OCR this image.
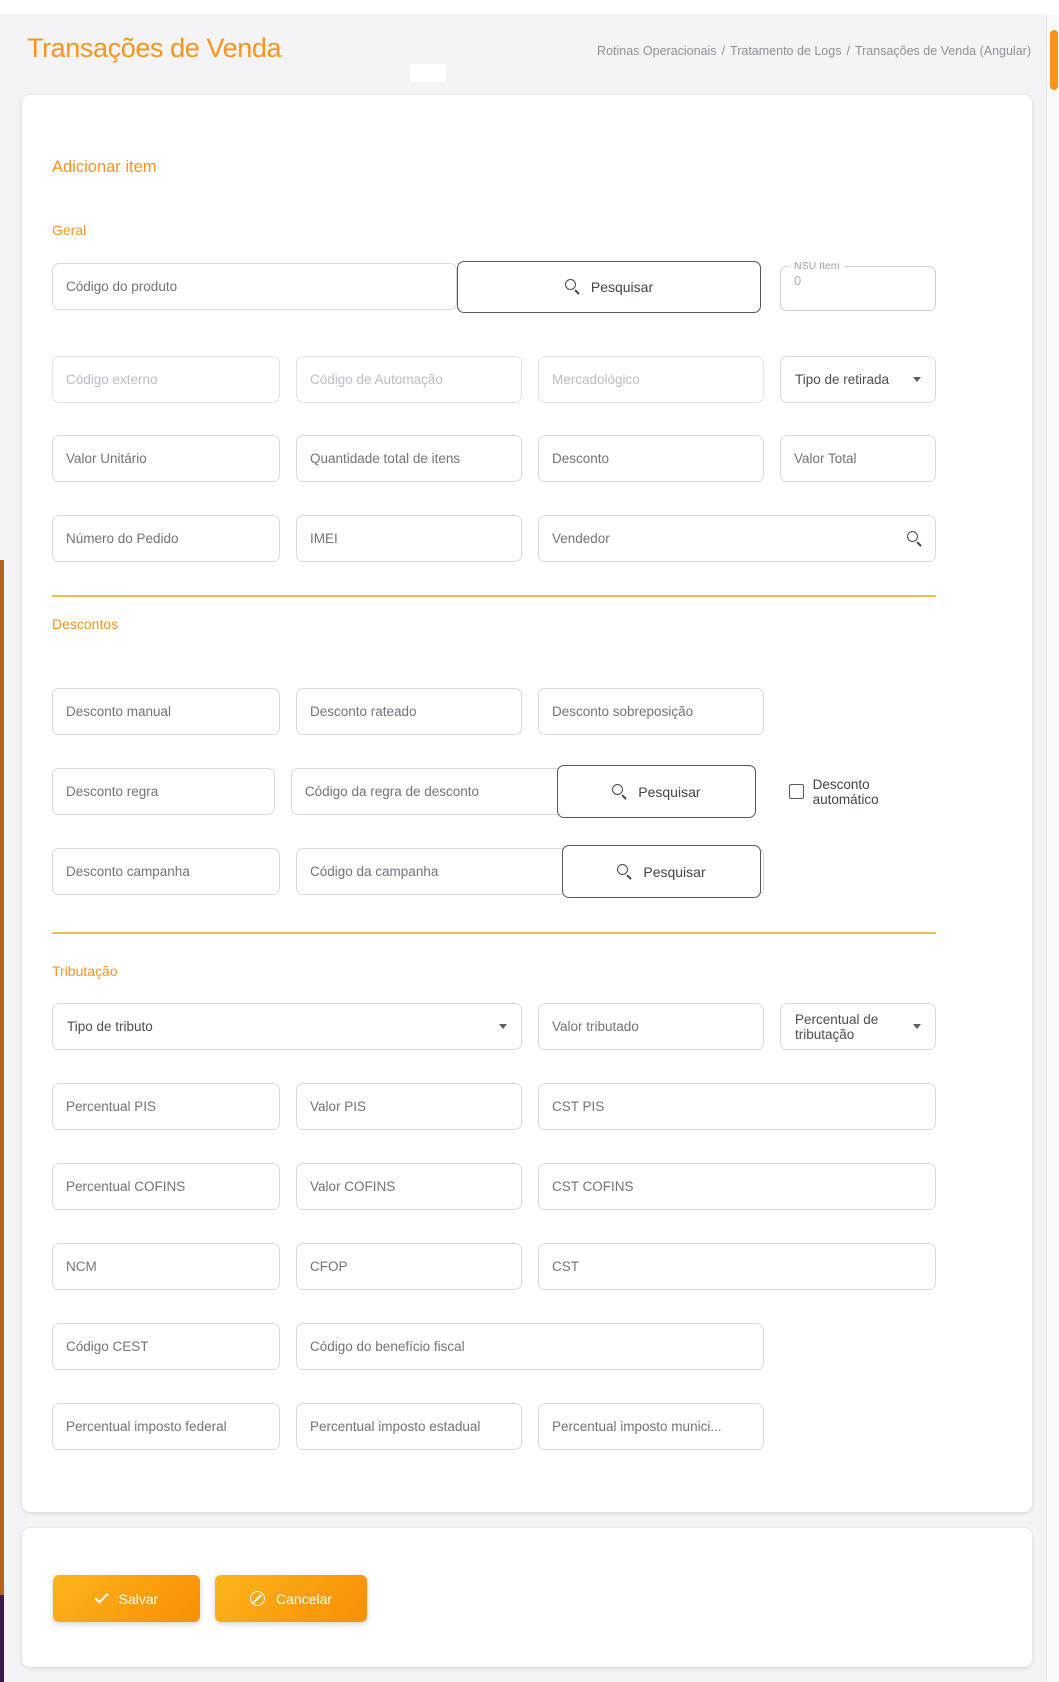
Transações de Venda	Rotinas Operacionais / Tratamento de Logs / Transações de Venda (Angular)
Adicionar item
Geral
Código do produto
Pesquisar
NSU Item
0
Código externo
Código de Automação
Mercadológico
Tipo de retirada
Valor Unitário
Quantidade total de itens
Desconto
Valor Total
Número do Pedido
IMEI
Vendedor
Descontos
Desconto manual
Desconto rateado
Desconto sobreposição
Desconto regra
Código da regra de desconto
Pesquisar	Desconto automático
Desconto campanha
Código da campanha
Pesquisar
Tributação
Tipo de tributo
Valor tributado	Percentual de tributação
Percentual PIS
Valor PIS
CST PIS
Percentual COFINS
Valor COFINS
CST COFINS
NCM
CFOP
CST
Código CEST
Código do benefício fiscal
Percentual imposto federal
Percentual imposto estadual
Percentual imposto munici...
Salvar	Cancelar
